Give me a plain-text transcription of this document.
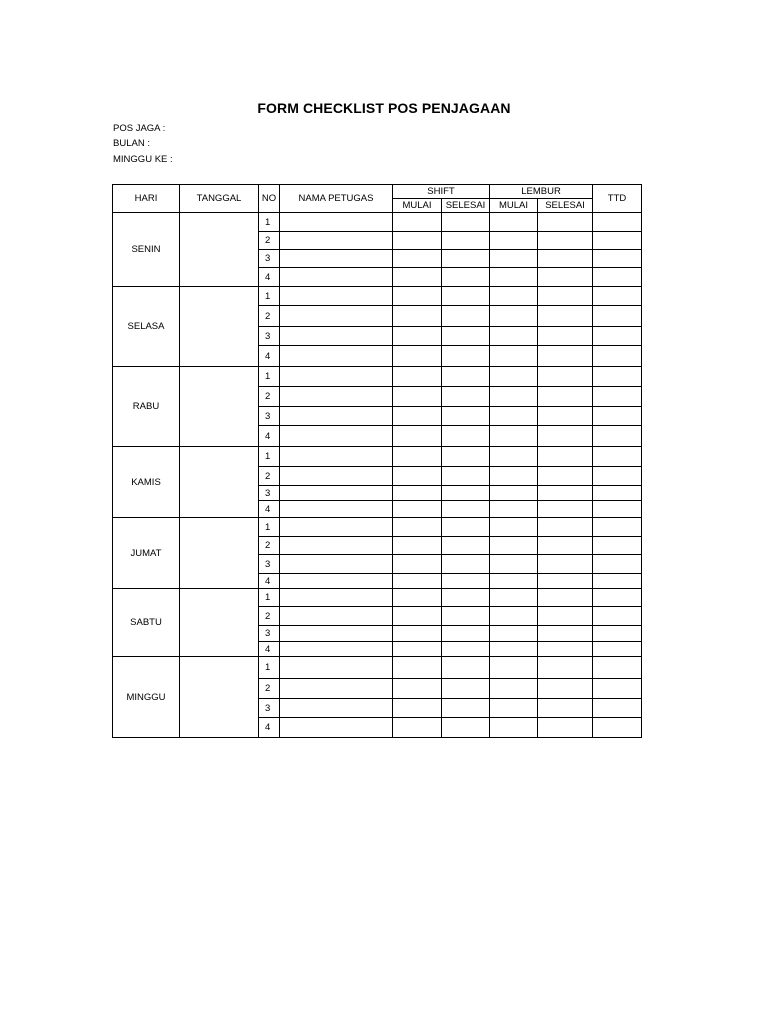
FORM CHECKLIST POS PENJAGAAN
POS JAGA :
BULAN :
MINGGU KE :
HARI	TANGGAL	NO	NAMA PETUGAS	SHIFT		LEMBUR		TTD
				MULAI	SELESAI	MULAI	SELESAI	
SENIN		1						
		2						
		3						
		4						
SELASA		1						
		2						
		3						
		4						
RABU		1						
		2						
		3						
		4						
KAMIS		1						
		2						
		3						
		4						
JUMAT		1						
		2						
		3						
		4						
SABTU		1						
		2						
		3						
		4						
MINGGU		1						
		2						
		3						
		4						
